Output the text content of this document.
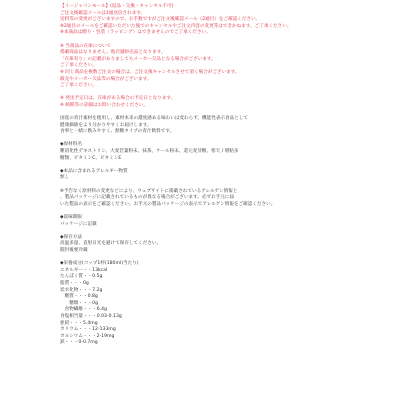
【イージャパンモール】(返品・交換・キャンセル不可)

ご注文後確認メールは1通送信されます。

送料等の変更がございますので、お手数ですがご注文後確認メール（2通目）をご確認ください。

※2通目のメールをご確認いただいた後でのキャンセルやご注文内容の変更等はできかねます。ご了承ください。

※本商品は贈り・包装（ラッピング）はできませんのでご了承ください。

※ 当商品の在庫について

掲載商品はなりません。他店舗併売品となります。

「在庫有り」の記載がありましてもメーカー欠品となる場合がございます。

ご了承ください。

※ 同じ商品を複数ご注文の場合は、ご注文後キャンセルさせて頂く場合がございます。

販売やメーカー欠品等の場合がございます。

ご了承ください。

※ 発送予定日は、在庫がある場合の予定日となります。

※ 納期等の詳細はお問い合わせください。

国産の青汁素材を使用し、素材本来の濃度感ある味わいは変わらず、機能性表示食品として

健康価値をより分かりやすくお届けします。

食事と一緒に飲みやすく、無糖タイプの青汁飲料です。

◆原材料名

難消化性デキストリン、大麦若葉粉末、抹茶、ケール粉末、還元麦芽糖、寒天 / 増粘多

糖類、ビタミンC、ビタミンE

◆本品に含まれるアレルギー物質

無し

※予告なく原材料の変更などにより、ウェブサイトに掲載されているアレルゲン情報と

、製品パッケージに記載されているものが異なる場合がございます。必ずお手元に届

いた製品の表示をご確認ください。お手元の製品パッケージの表示でアレルゲン情報をご確認ください。

◆賞味期限

パッケージに記載

◆保存方法

高温多湿、直射日光を避けて保存してください。

開封後要冷蔵

◆栄養成分(コップ1杯(180ml)当たり)

エネルギー・・13kcal

たんぱく質・・0.5g

脂質・・・0g

炭水化物・・・7.2g

　糖質・・・0.8g

　　糖類・・・0g

　食物繊維・・・6.4g

食塩相当量・・・0.03-0.13g

亜鉛・・・5.4mg

カリウム・・・12-133mg

カルシウム・・・2-19mg

鉄・・・0-0.7mg
